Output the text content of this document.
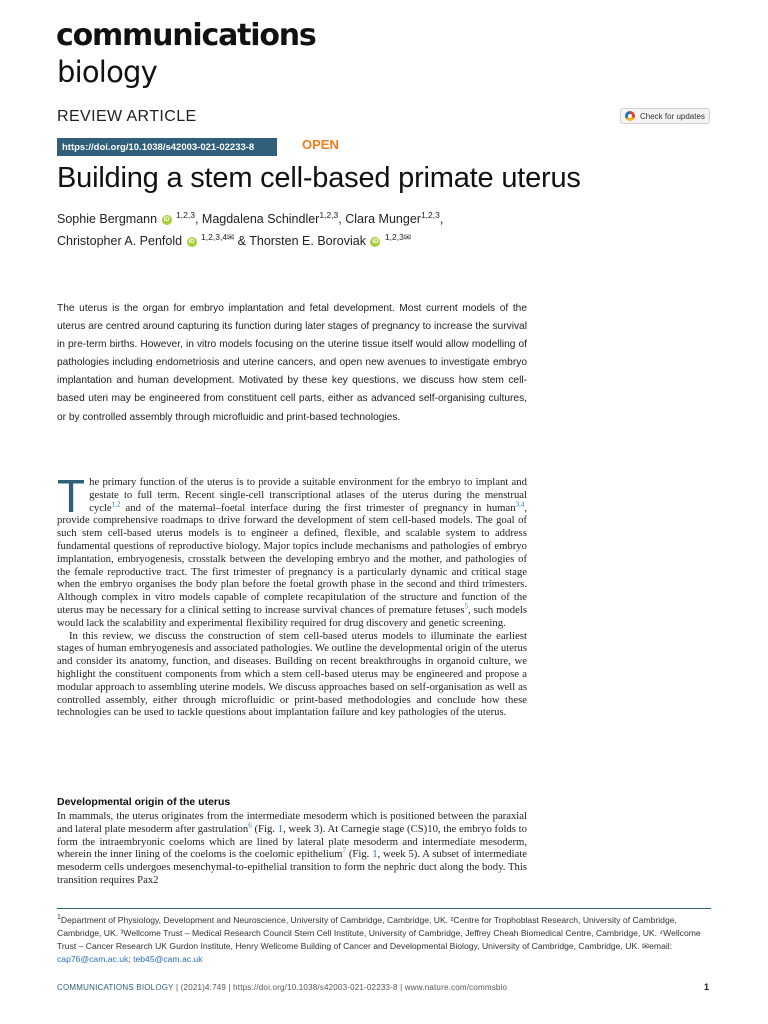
communications
biology
REVIEW ARTICLE	Check for updates
https://doi.org/10.1038/s42003-021-02233-8	OPEN
Building a stem cell-based primate uterus
Sophie Bergmann iD $^{1,2,3}$, Magdalena Schindler$^{1,2,3}$, Clara Munger$^{1,2,3}$,
Christopher A. Penfold iD $^{1,2,3,4✉}$ & Thorsten E. Boroviak iD $^{1,2,3✉}$
The uterus is the organ for embryo implantation and fetal development. Most current models of the uterus are centred around capturing its function during later stages of pregnancy to increase the survival in pre-term births. However, in vitro models focusing on the uterine tissue itself would allow modelling of pathologies including endometriosis and uterine cancers, and open new avenues to investigate embryo implantation and human development. Motivated by these key questions, we discuss how stem cell-based uteri may be engineered from constituent cell parts, either as advanced self-organising cultures, or by controlled assembly through microfluidic and print-based technologies.

The primary function of the uterus is to provide a suitable environment for the embryo to implant and gestate to full term. Recent single-cell transcriptional atlases of the uterus during the menstrual cycle$^{1,2}$ and of the maternal–foetal interface during the first trimester of pregnancy in human$^{3,4}$, provide comprehensive roadmaps to drive forward the development of stem cell-based models. The goal of such stem cell-based uterus models is to engineer a defined, flexible, and scalable system to address fundamental questions of reproductive biology. Major topics include mechanisms and pathologies of embryo implantation, embryogenesis, crosstalk between the developing embryo and the mother, and pathologies of the female reproductive tract. The first trimester of pregnancy is a particularly dynamic and critical stage when the embryo organises the body plan before the foetal growth phase in the second and third trimesters. Although complex in vitro models capable of complete recapitulation of the structure and function of the uterus may be necessary for a clinical setting to increase survival chances of premature fetuses$^5$, such models would lack the scalability and experimental flexibility required for drug discovery and genetic screening.

In this review, we discuss the construction of stem cell-based uterus models to illuminate the earliest stages of human embryogenesis and associated pathologies. We outline the developmental origin of the uterus and consider its anatomy, function, and diseases. Building on recent breakthroughs in organoid culture, we highlight the constituent components from which a stem cell-based uterus may be engineered and propose a modular approach to assembling uterine models. We discuss approaches based on self-organisation as well as controlled assembly, either through microfluidic or print-based methodologies and conclude how these technologies can be used to tackle questions about implantation failure and key pathologies of the uterus.

Developmental origin of the uterus

In mammals, the uterus originates from the intermediate mesoderm which is positioned between the paraxial and lateral plate mesoderm after gastrulation$^6$ (Fig. 1, week 3). At Carnegie stage (CS)10, the embryo folds to form the intraembryonic coeloms which are lined by lateral plate mesoderm and intermediate mesoderm, wherein the inner lining of the coeloms is the coelomic epithelium$^7$ (Fig. 1, week 5). A subset of intermediate mesoderm cells undergoes mesenchymal-to-epithelial transition to form the nephric duct along the body. This transition requires Pax2

$^1$Department of Physiology, Development and Neuroscience, University of Cambridge, Cambridge, UK. ²Centre for Trophoblast Research, University of Cambridge, Cambridge, UK. ³Wellcome Trust – Medical Research Council Stem Cell Institute, University of Cambridge, Jeffrey Cheah Biomedical Centre, Cambridge, UK. ⁴Wellcome Trust – Cancer Research UK Gurdon Institute, Henry Wellcome Building of Cancer and Developmental Biology, University of Cambridge, Cambridge, UK. ✉email: cap76@cam.ac.uk; teb45@cam.ac.uk
COMMUNICATIONS BIOLOGY | (2021)4:749 | https://doi.org/10.1038/s42003-021-02233-8 | www.nature.com/commsbio	1
